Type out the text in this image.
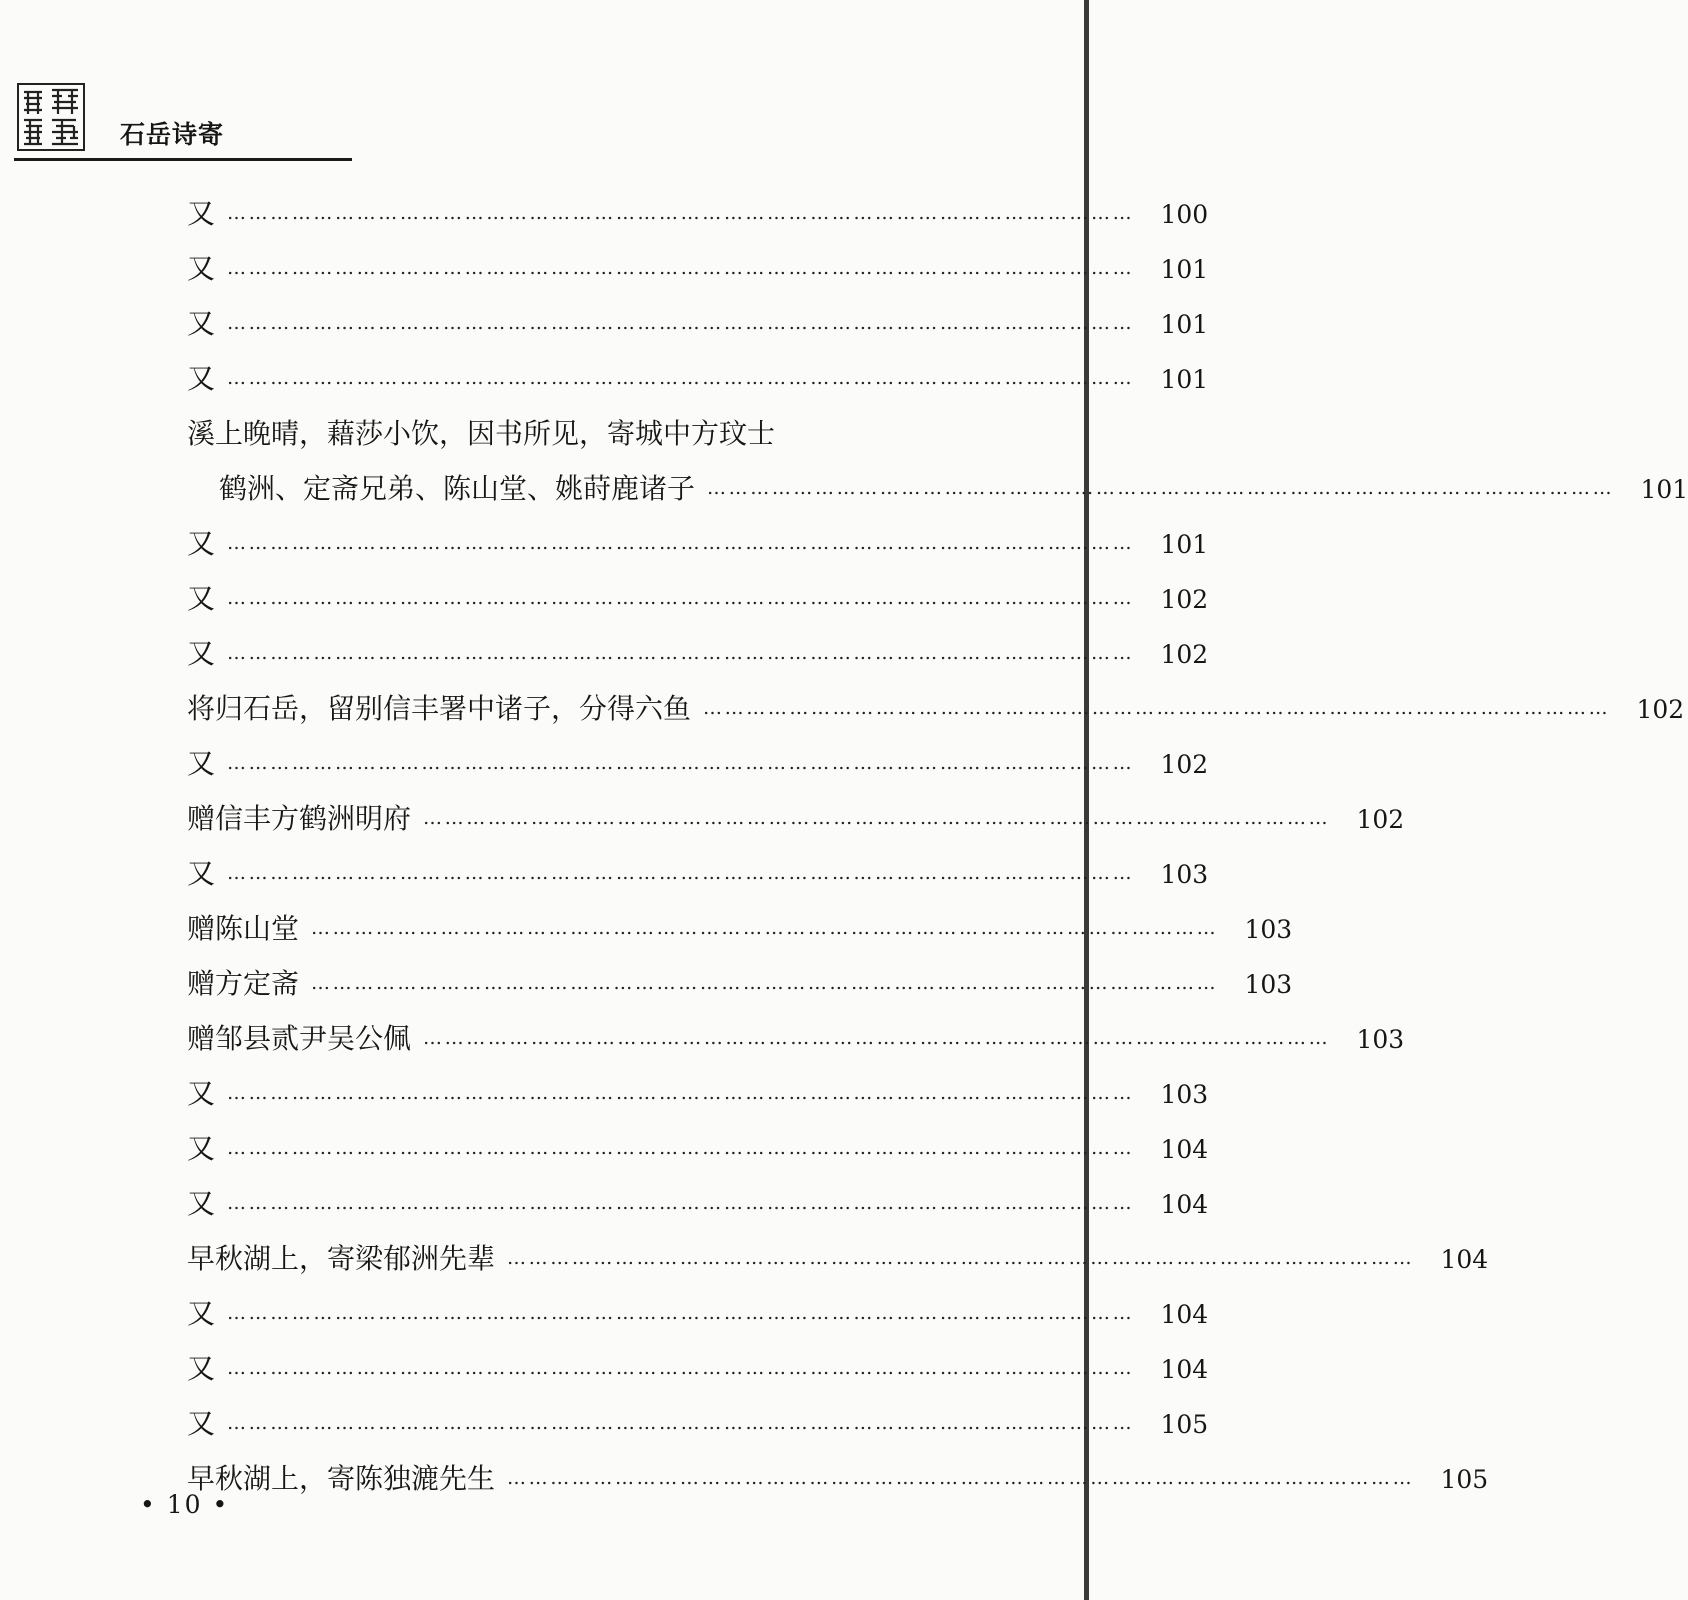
石岳诗寄
又 ………………………………………………………………………………………………………………	100
又 ………………………………………………………………………………………………………………	101
又 ………………………………………………………………………………………………………………	101
又 ………………………………………………………………………………………………………………	101
溪上晚晴，藉莎小饮，因书所见，寄城中方玟士
鹤洲、定斋兄弟、陈山堂、姚莳鹿诸子 ………………………………………………………………………………………………………………	101
又 ………………………………………………………………………………………………………………	101
又 ………………………………………………………………………………………………………………	102
又 ………………………………………………………………………………………………………………	102
将归石岳，留别信丰署中诸子，分得六鱼 ………………………………………………………………………………………………………………	102
又 ………………………………………………………………………………………………………………	102
赠信丰方鹤洲明府 ………………………………………………………………………………………………………………	102
又 ………………………………………………………………………………………………………………	103
赠陈山堂 ………………………………………………………………………………………………………………	103
赠方定斋 ………………………………………………………………………………………………………………	103
赠邹县贰尹吴公佩 ………………………………………………………………………………………………………………	103
又 ………………………………………………………………………………………………………………	103
又 ………………………………………………………………………………………………………………	104
又 ………………………………………………………………………………………………………………	104
早秋湖上，寄梁郁洲先辈 ………………………………………………………………………………………………………………	104
又 ………………………………………………………………………………………………………………	104
又 ………………………………………………………………………………………………………………	104
又 ………………………………………………………………………………………………………………	105
早秋湖上，寄陈独漉先生 ………………………………………………………………………………………………………………	105
• 10 •
